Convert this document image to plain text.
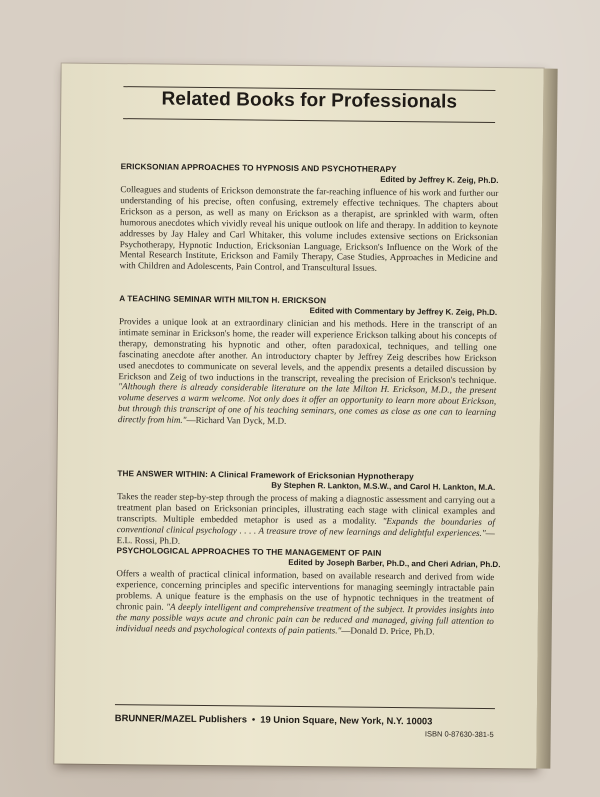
Related Books for Professionals
ERICKSONIAN APPROACHES TO HYPNOSIS AND PSYCHOTHERAPY
Edited by Jeffrey K. Zeig, Ph.D.
Colleagues and students of Erickson demonstrate the far-reaching influence of his work and further our understanding of his precise, often confusing, extremely effective techniques. The chapters about Erickson as a person, as well as many on Erickson as a therapist, are sprinkled with warm, often humorous anecdotes which vividly reveal his unique outlook on life and therapy. In addition to keynote addresses by Jay Haley and Carl Whitaker, this volume includes extensive sections on Ericksonian Psychotherapy, Hypnotic Induction, Ericksonian Language, Erickson's Influence on the Work of the Mental Research Institute, Erickson and Family Therapy, Case Studies, Approaches in Medicine and with Children and Adolescents, Pain Control, and Transcultural Issues.
A TEACHING SEMINAR WITH MILTON H. ERICKSON
Edited with Commentary by Jeffrey K. Zeig, Ph.D.
Provides a unique look at an extraordinary clinician and his methods. Here in the transcript of an intimate seminar in Erickson's home, the reader will experience Erickson talking about his concepts of therapy, demonstrating his hypnotic and other, often paradoxical, techniques, and telling one fascinating anecdote after another. An introductory chapter by Jeffrey Zeig describes how Erickson used anecdotes to communicate on several levels, and the appendix presents a detailed discussion by Erickson and Zeig of two inductions in the transcript, revealing the precision of Erickson's technique. "Although there is already considerable literature on the late Milton H. Erickson, M.D., the present volume deserves a warm welcome. Not only does it offer an opportunity to learn more about Erickson, but through this transcript of one of his teaching seminars, one comes as close as one can to learning directly from him."—Richard Van Dyck, M.D.
THE ANSWER WITHIN: A Clinical Framework of Ericksonian Hypnotherapy
By Stephen R. Lankton, M.S.W., and Carol H. Lankton, M.A.
Takes the reader step-by-step through the process of making a diagnostic assessment and carrying out a treatment plan based on Ericksonian principles, illustrating each stage with clinical examples and transcripts. Multiple embedded metaphor is used as a modality. "Expands the boundaries of conventional clinical psychology . . . . A treasure trove of new learnings and delightful experiences."—E.L. Rossi, Ph.D.
PSYCHOLOGICAL APPROACHES TO THE MANAGEMENT OF PAIN
Edited by Joseph Barber, Ph.D., and Cheri Adrian, Ph.D.
Offers a wealth of practical clinical information, based on available research and derived from wide experience, concerning principles and specific interventions for managing seemingly intractable pain problems. A unique feature is the emphasis on the use of hypnotic techniques in the treatment of chronic pain. "A deeply intelligent and comprehensive treatment of the subject. It provides insights into the many possible ways acute and chronic pain can be reduced and managed, giving full attention to individual needs and psychological contexts of pain patients."—Donald D. Price, Ph.D.
BRUNNER/MAZEL Publishers • 19 Union Square, New York, N.Y. 10003
ISBN 0-87630-381-5
